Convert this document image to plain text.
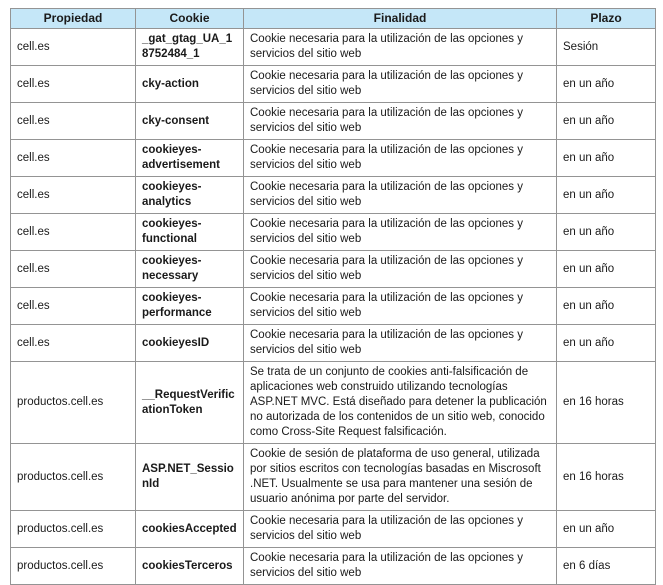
Propiedad	Cookie	Finalidad	Plazo
cell.es	_gat_gtag_UA_18752484_1	Cookie necesaria para la utilización de las opciones y servicios del sitio web	Sesión
cell.es	cky-action	Cookie necesaria para la utilización de las opciones y servicios del sitio web	en un año
cell.es	cky-consent	Cookie necesaria para la utilización de las opciones y servicios del sitio web	en un año
cell.es	cookieyes-advertisement	Cookie necesaria para la utilización de las opciones y servicios del sitio web	en un año
cell.es	cookieyes-analytics	Cookie necesaria para la utilización de las opciones y servicios del sitio web	en un año
cell.es	cookieyes-functional	Cookie necesaria para la utilización de las opciones y servicios del sitio web	en un año
cell.es	cookieyes-necessary	Cookie necesaria para la utilización de las opciones y servicios del sitio web	en un año
cell.es	cookieyes-performance	Cookie necesaria para la utilización de las opciones y servicios del sitio web	en un año
cell.es	cookieyesID	Cookie necesaria para la utilización de las opciones y servicios del sitio web	en un año
productos.cell.es	__RequestVerificationToken	Se trata de un conjunto de cookies anti-falsificación de aplicaciones web construido utilizando tecnologías ASP.NET MVC. Está diseñado para detener la publicación no autorizada de los contenidos de un sitio web, conocido como Cross-Site Request falsificación.	en 16 horas
productos.cell.es	ASP.NET_SessionId	Cookie de sesión de plataforma de uso general, utilizada por sitios escritos con tecnologías basadas en Miscrosoft .NET. Usualmente se usa para mantener una sesión de usuario anónima por parte del servidor.	en 16 horas
productos.cell.es	cookiesAccepted	Cookie necesaria para la utilización de las opciones y servicios del sitio web	en un año
productos.cell.es	cookiesTerceros	Cookie necesaria para la utilización de las opciones y servicios del sitio web	en 6 días
